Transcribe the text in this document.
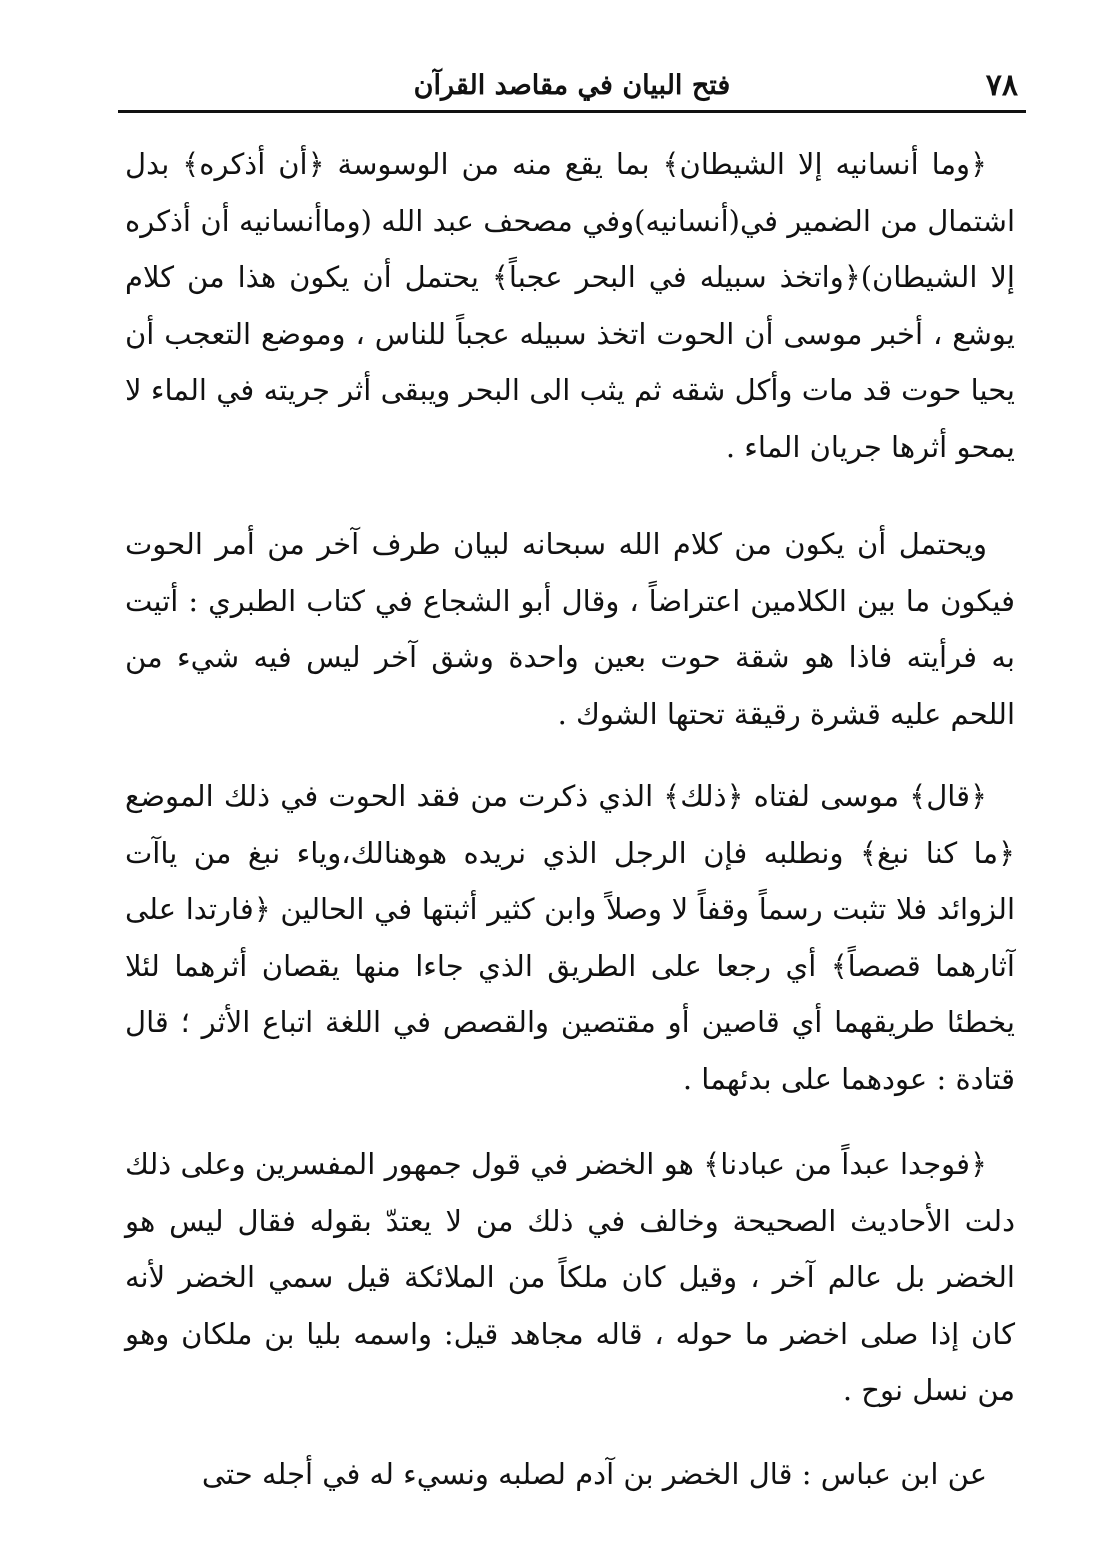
٧٨
فتح البيان في مقاصد القرآن

﴿وما أنسانيه إلا الشيطان﴾ بما يقع منه من الوسوسة ﴿أن أذكره﴾ بدل اشتمال من الضمير في(أنسانيه)وفي مصحف عبد الله (وماأنسانيه أن أذكره إلا الشيطان)﴿واتخذ سبيله في البحر عجباً﴾ يحتمل أن يكون هذا من كلام يوشع ، أخبر موسى أن الحوت اتخذ سبيله عجباً للناس ، وموضع التعجب أن يحيا حوت قد مات وأكل شقه ثم يثب الى البحر ويبقى أثر جريته في الماء لا يمحو أثرها جريان الماء .

ويحتمل أن يكون من كلام الله سبحانه لبيان طرف آخر من أمر الحوت فيكون ما بين الكلامين اعتراضاً ، وقال أبو الشجاع في كتاب الطبري : أتيت به فرأيته فاذا هو شقة حوت بعين واحدة وشق آخر ليس فيه شيء من اللحم عليه قشرة رقيقة تحتها الشوك .

﴿قال﴾ موسى لفتاه ﴿ذلك﴾ الذي ذكرت من فقد الحوت في ذلك الموضع ﴿ما كنا نبغ﴾ ونطلبه فإن الرجل الذي نريده هوهنالك،وياء نبغ من ياآت الزوائد فلا تثبت رسماً وقفاً لا وصلاً وابن كثير أثبتها في الحالين ﴿فارتدا على آثارهما قصصاً﴾ أي رجعا على الطريق الذي جاءا منها يقصان أثرهما لئلا يخطئا طريقهما أي قاصين أو مقتصين والقصص في اللغة اتباع الأثر ؛ قال قتادة : عودهما على بدئهما .

﴿فوجدا عبداً من عبادنا﴾ هو الخضر في قول جمهور المفسرين وعلى ذلك دلت الأحاديث الصحيحة وخالف في ذلك من لا يعتدّ بقوله فقال ليس هو الخضر بل عالم آخر ، وقيل كان ملكاً من الملائكة قيل سمي الخضر لأنه كان إذا صلى اخضر ما حوله ، قاله مجاهد قيل: واسمه بليا بن ملكان وهو من نسل نوح .

عن ابن عباس : قال الخضر بن آدم لصلبه ونسيء له في أجله حتى
